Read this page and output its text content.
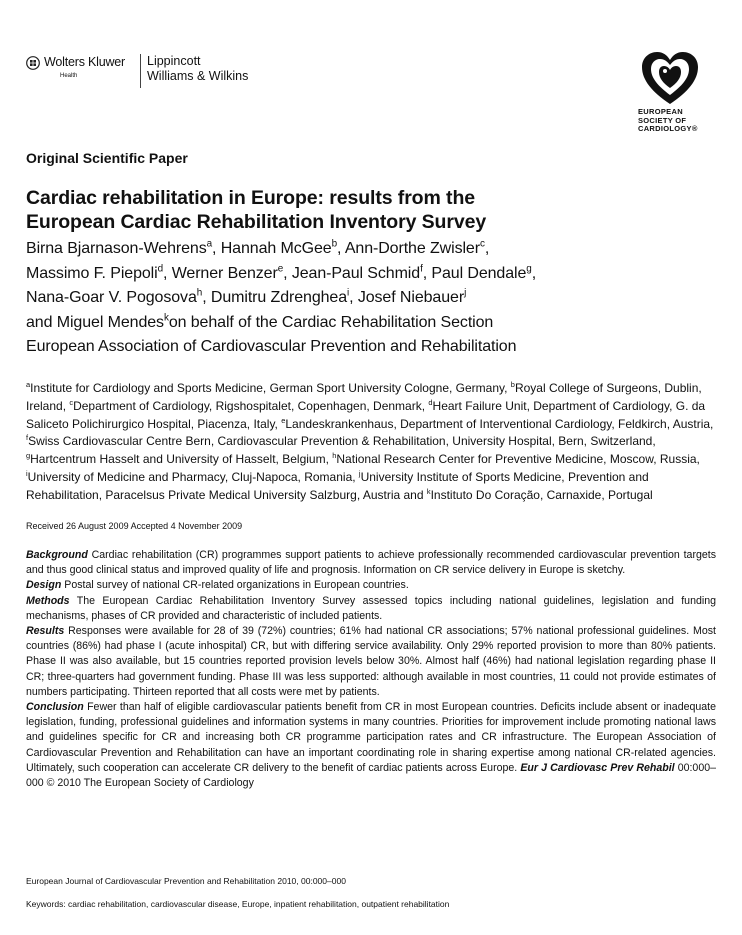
Wolters Kluwer
Health
Lippincott
Williams & Wilkins
EUROPEAN
SOCIETY OF
CARDIOLOGY®
Original Scientific Paper
Cardiac rehabilitation in Europe: results from the
European Cardiac Rehabilitation Inventory Survey
Birna Bjarnason-Wehrens$^a$, Hannah McGee$^b$, Ann-Dorthe Zwisler$^c$,
Massimo F. Piepoli$^d$, Werner Benzer$^e$, Jean-Paul Schmid$^f$, Paul Dendale$^g$,
Nana-Goar V. Pogosova$^h$, Dumitru Zdrenghea$^i$, Josef Niebauer$^j$
and Miguel Mendes$^k$on behalf of the Cardiac Rehabilitation Section
European Association of Cardiovascular Prevention and Rehabilitation
$^a$Institute for Cardiology and Sports Medicine, German Sport University Cologne, Germany, $^b$Royal College of Surgeons, Dublin, Ireland, $^c$Department of Cardiology, Rigshospitalet, Copenhagen, Denmark, $^d$Heart Failure Unit, Department of Cardiology, G. da Saliceto Polichirurgico Hospital, Piacenza, Italy, $^e$Landeskrankenhaus, Department of Interventional Cardiology, Feldkirch, Austria, $^f$Swiss Cardiovascular Centre Bern, Cardiovascular Prevention & Rehabilitation, University Hospital, Bern, Switzerland, $^g$Hartcentrum Hasselt and University of Hasselt, Belgium, $^h$National Research Center for Preventive Medicine, Moscow, Russia, $^i$University of Medicine and Pharmacy, Cluj-Napoca, Romania, $^j$University Institute of Sports Medicine, Prevention and Rehabilitation, Paracelsus Private Medical University Salzburg, Austria and $^k$Instituto Do Coração, Carnaxide, Portugal
Received 26 August 2009 Accepted 4 November 2009

Background Cardiac rehabilitation (CR) programmes support patients to achieve professionally recommended cardiovascular prevention targets and thus good clinical status and improved quality of life and prognosis. Information on CR service delivery in Europe is sketchy.

Design Postal survey of national CR-related organizations in European countries.

Methods The European Cardiac Rehabilitation Inventory Survey assessed topics including national guidelines, legislation and funding mechanisms, phases of CR provided and characteristic of included patients.

Results Responses were available for 28 of 39 (72%) countries; 61% had national CR associations; 57% national professional guidelines. Most countries (86%) had phase I (acute inhospital) CR, but with differing service availability. Only 29% reported provision to more than 80% patients. Phase II was also available, but 15 countries reported provision levels below 30%. Almost half (46%) had national legislation regarding phase II CR; three-quarters had government funding. Phase III was less supported: although available in most countries, 11 could not provide estimates of numbers participating. Thirteen reported that all costs were met by patients.

Conclusion Fewer than half of eligible cardiovascular patients benefit from CR in most European countries. Deficits include absent or inadequate legislation, funding, professional guidelines and information systems in many countries. Priorities for improvement include promoting national laws and guidelines specific for CR and increasing both CR programme participation rates and CR infrastructure. The European Association of Cardiovascular Prevention and Rehabilitation can have an important coordinating role in sharing expertise among national CR-related agencies. Ultimately, such cooperation can accelerate CR delivery to the benefit of cardiac patients across Europe. Eur J Cardiovasc Prev Rehabil 00:000–000 © 2010 The European Society of Cardiology

European Journal of Cardiovascular Prevention and Rehabilitation 2010, 00:000–000
Keywords: cardiac rehabilitation, cardiovascular disease, Europe, inpatient rehabilitation, outpatient rehabilitation
